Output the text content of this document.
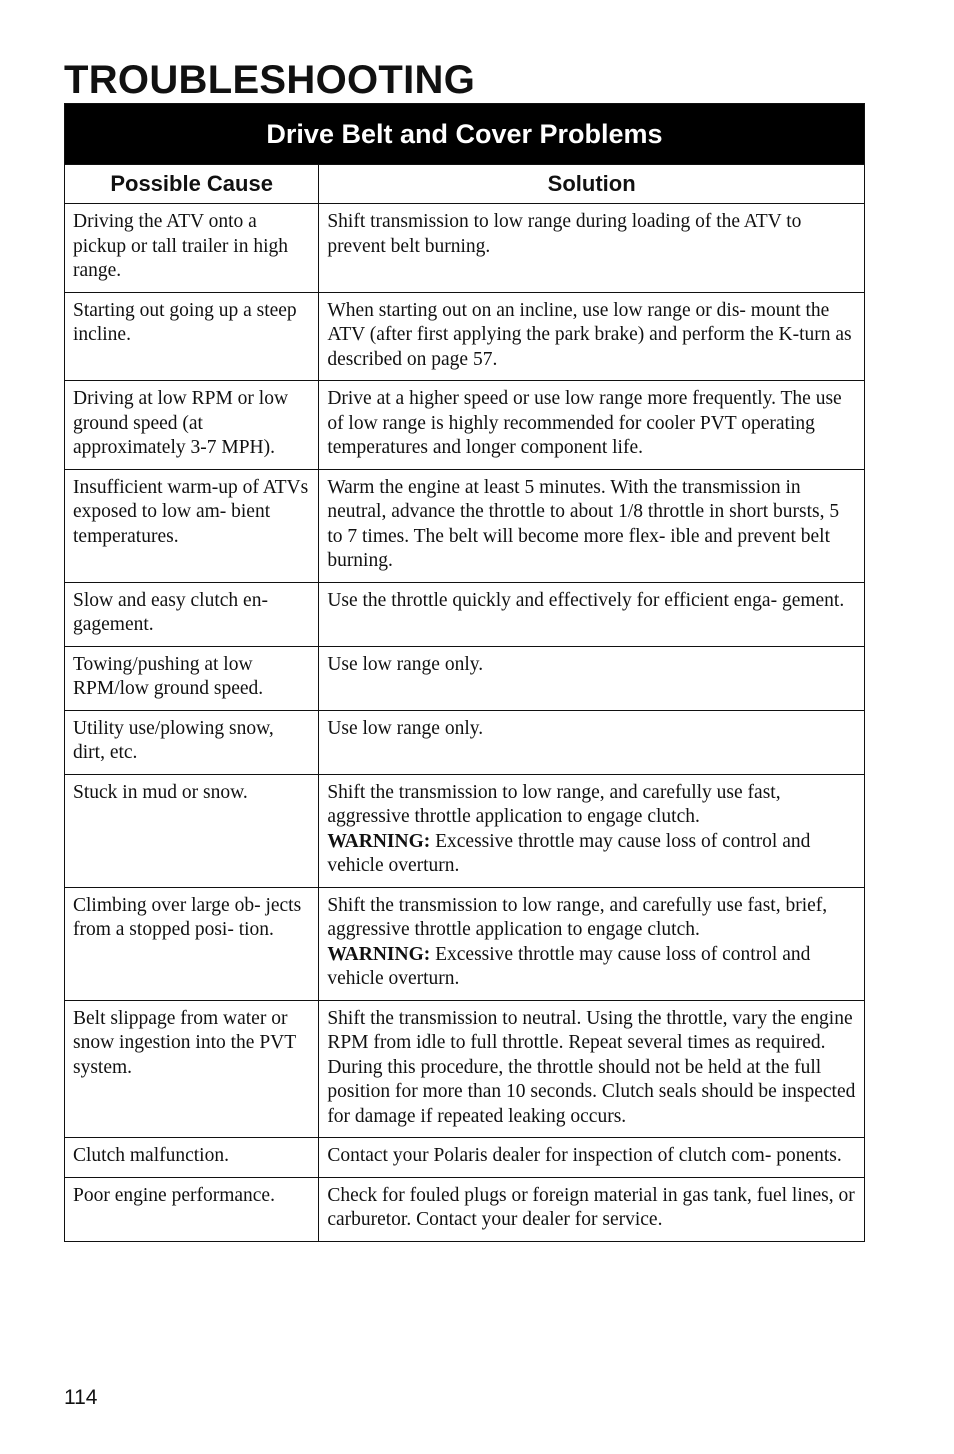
TROUBLESHOOTING
Drive Belt and Cover Problems	
Possible Cause	Solution
Driving the ATV onto a pickup or tall trailer in high range.	Shift transmission to low range during loading of the ATV to prevent belt burning.
Starting out going up a steep incline.	When starting out on an incline, use low range or dis- mount the ATV (after first applying the park brake) and perform the K-turn as described on page 57.
Driving at low RPM or low ground speed (at approximately 3-7 MPH).	Drive at a higher speed or use low range more frequently. The use of low range is highly recommended for cooler PVT operating temperatures and longer component life.
Insufficient warm-up of ATVs exposed to low am- bient temperatures.	Warm the engine at least 5 minutes. With the transmission in neutral, advance the throttle to about 1/8 throttle in short bursts, 5 to 7 times. The belt will become more flex- ible and prevent belt burning.
Slow and easy clutch en- gagement.	Use the throttle quickly and effectively for efficient enga- gement.
Towing/pushing at low RPM/low ground speed.	Use low range only.
Utility use/plowing snow, dirt, etc.	Use low range only.
Stuck in mud or snow.	Shift the transmission to low range, and carefully use fast, aggressive throttle application to engage clutch.
WARNING: Excessive throttle may cause loss of control and vehicle overturn.
Climbing over large ob- jects from a stopped posi- tion.	Shift the transmission to low range, and carefully use fast, brief, aggressive throttle application to engage clutch.
WARNING: Excessive throttle may cause loss of control and vehicle overturn.
Belt slippage from water or snow ingestion into the PVT system.	Shift the transmission to neutral. Using the throttle, vary the engine RPM from idle to full throttle. Repeat several times as required. During this procedure, the throttle should not be held at the full position for more than 10 seconds. Clutch seals should be inspected for damage if repeated leaking occurs.
Clutch malfunction.	Contact your Polaris dealer for inspection of clutch com- ponents.
Poor engine performance.	Check for fouled plugs or foreign material in gas tank, fuel lines, or carburetor. Contact your dealer for service.
114
